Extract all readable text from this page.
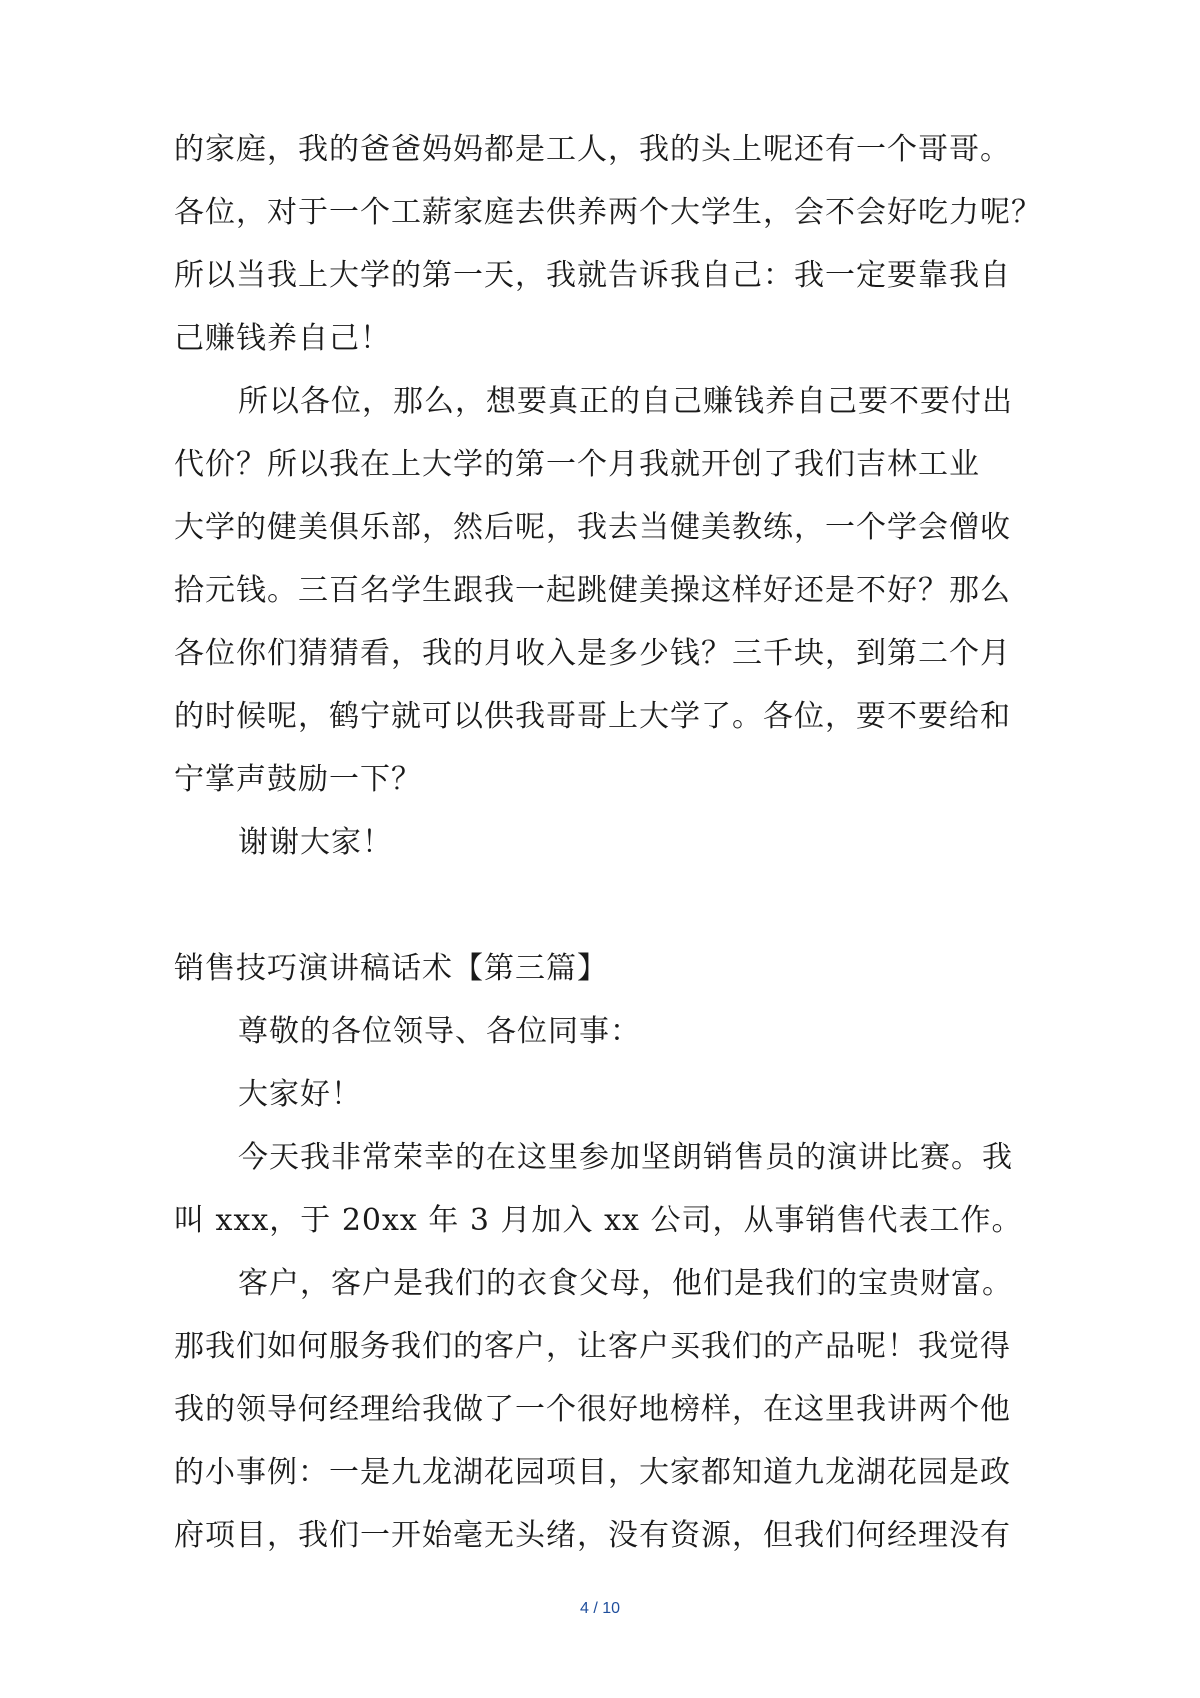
的家庭，我的爸爸妈妈都是工人，我的头上呢还有一个哥哥。
各位，对于一个工薪家庭去供养两个大学生，会不会好吃力呢？
所以当我上大学的第一天，我就告诉我自己：我一定要靠我自
己赚钱养自己！
所以各位，那么，想要真正的自己赚钱养自己要不要付出
代价？所以我在上大学的第一个月我就开创了我们吉林工业
大学的健美俱乐部，然后呢，我去当健美教练，一个学会僧收
拾元钱。三百名学生跟我一起跳健美操这样好还是不好？那么
各位你们猜猜看，我的月收入是多少钱？三千块，到第二个月
的时候呢，鹤宁就可以供我哥哥上大学了。各位，要不要给和
宁掌声鼓励一下？
谢谢大家！
销售技巧演讲稿话术【第三篇】
尊敬的各位领导、各位同事：
大家好！
今天我非常荣幸的在这里参加坚朗销售员的演讲比赛。我
叫 xxx，于 20xx 年 3 月加入 xx 公司，从事销售代表工作。
客户，客户是我们的衣食父母，他们是我们的宝贵财富。
那我们如何服务我们的客户，让客户买我们的产品呢！我觉得
我的领导何经理给我做了一个很好地榜样，在这里我讲两个他
的小事例：一是九龙湖花园项目，大家都知道九龙湖花园是政
府项目，我们一开始毫无头绪，没有资源，但我们何经理没有
4 / 10
